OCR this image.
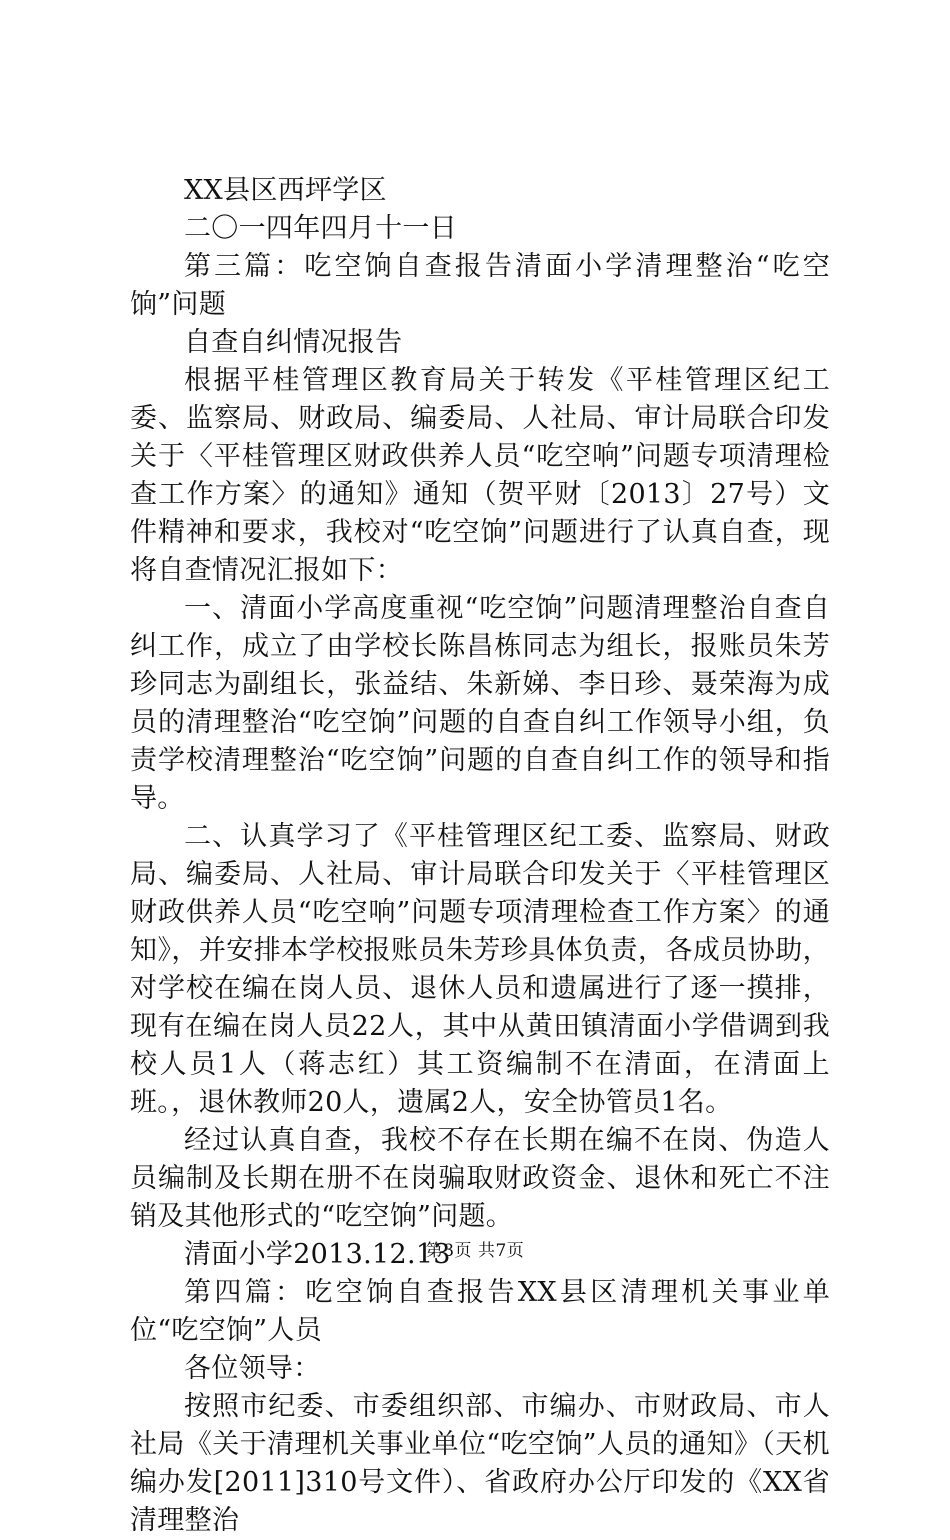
XX县区西坪学区

二〇一四年四月十一日

第三篇：吃空饷自查报告清面小学清理整治“吃空饷”问题

自查自纠情况报告

根据平桂管理区教育局关于转发《平桂管理区纪工委、监察局、财政局、编委局、人社局、审计局联合印发关于〈平桂管理区财政供养人员“吃空响”问题专项清理检查工作方案〉的通知》通知（贺平财〔2013〕27号）文件精神和要求，我校对“吃空饷”问题进行了认真自查，现将自查情况汇报如下：

一、清面小学高度重视“吃空饷”问题清理整治自查自纠工作，成立了由学校长陈昌栋同志为组长，报账员朱芳珍同志为副组长，张益结、朱新娣、李日珍、聂荣海为成员的清理整治“吃空饷”问题的自查自纠工作领导小组，负责学校清理整治“吃空饷”问题的自查自纠工作的领导和指导。

二、认真学习了《平桂管理区纪工委、监察局、财政局、编委局、人社局、审计局联合印发关于〈平桂管理区财政供养人员“吃空响”问题专项清理检查工作方案〉的通知》，并安排本学校报账员朱芳珍具体负责，各成员协助，对学校在编在岗人员、退休人员和遗属进行了逐一摸排，现有在编在岗人员22人，其中从黄田镇清面小学借调到我校人员1人（蒋志红）其工资编制不在清面，在清面上班。，退休教师20人，遗属2人，安全协管员1名。

经过认真自查，我校不存在长期在编不在岗、伪造人员编制及长期在册不在岗骗取财政资金、退休和死亡不注销及其他形式的“吃空饷”问题。

清面小学2013.12.13

第四篇：吃空饷自查报告XX县区清理机关事业单位“吃空饷”人员

各位领导：

按照市纪委、市委组织部、市编办、市财政局、市人社局《关于清理机关事业单位“吃空饷”人员的通知》（天机编办发[2011]310号文件）、省政府办公厅印发的《XX省清理整治

第3页 共7页
